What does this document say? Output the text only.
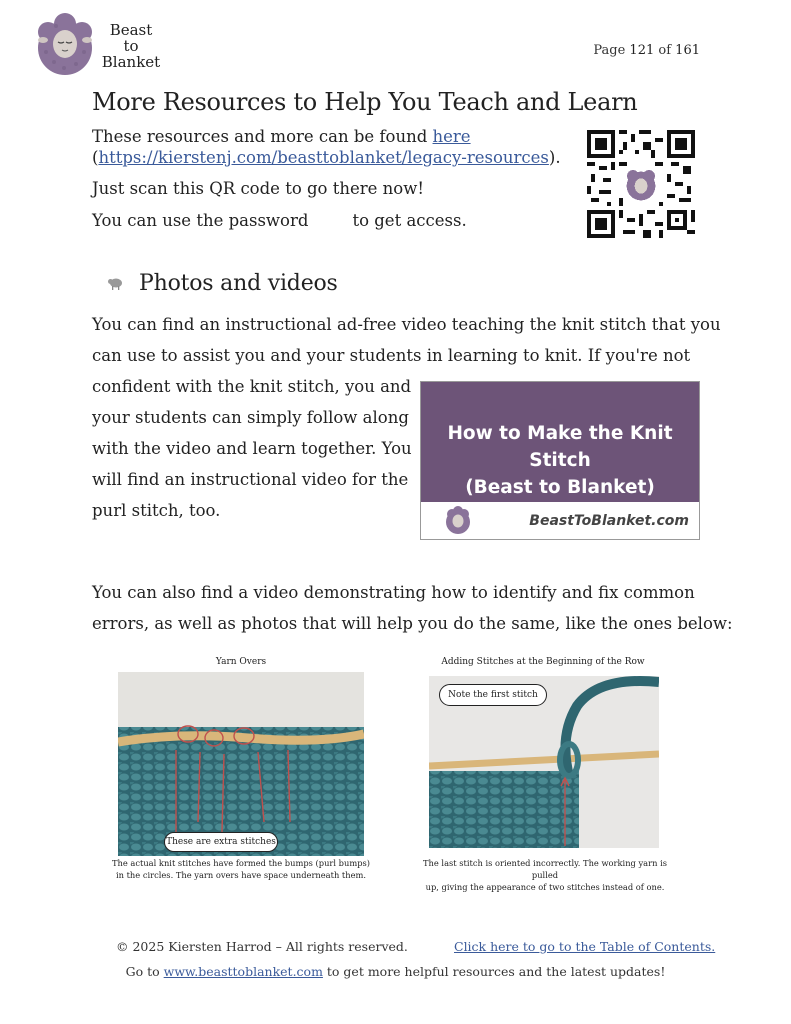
Beast
to
Blanket
Page 121 of 161
More Resources to Help You Teach and Learn
These resources and more can be found here
(https://kierstenj.com/beasttoblanket/legacy-resources).
Just scan this QR code to go there now!
You can use the password	to get access.
Photos and videos
You can find an instructional ad-free video teaching the knit stitch that you
can use to assist you and your students in learning to knit. If you're not
confident with the knit stitch, you and
your students can simply follow along
with the video and learn together. You
will find an instructional video for the
purl stitch, too.
How to Make the Knit Stitch
(Beast to Blanket)
BeastToBlanket.com
You can also find a video demonstrating how to identify and fix common
errors, as well as photos that will help you do the same, like the ones below:
Yarn Overs
These are extra stitches
The actual knit stitches have formed the bumps (purl bumps)
in the circles. The yarn overs have space underneath them.
Adding Stitches at the Beginning of the Row
Note the first stitch
The last stitch is oriented incorrectly. The working yarn is pulled
up, giving the appearance of two stitches instead of one.
© 2025 Kiersten Harrod – All rights reserved.	Click here to go to the Table of Contents.
Go to www.beasttoblanket.com to get more helpful resources and the latest updates!
